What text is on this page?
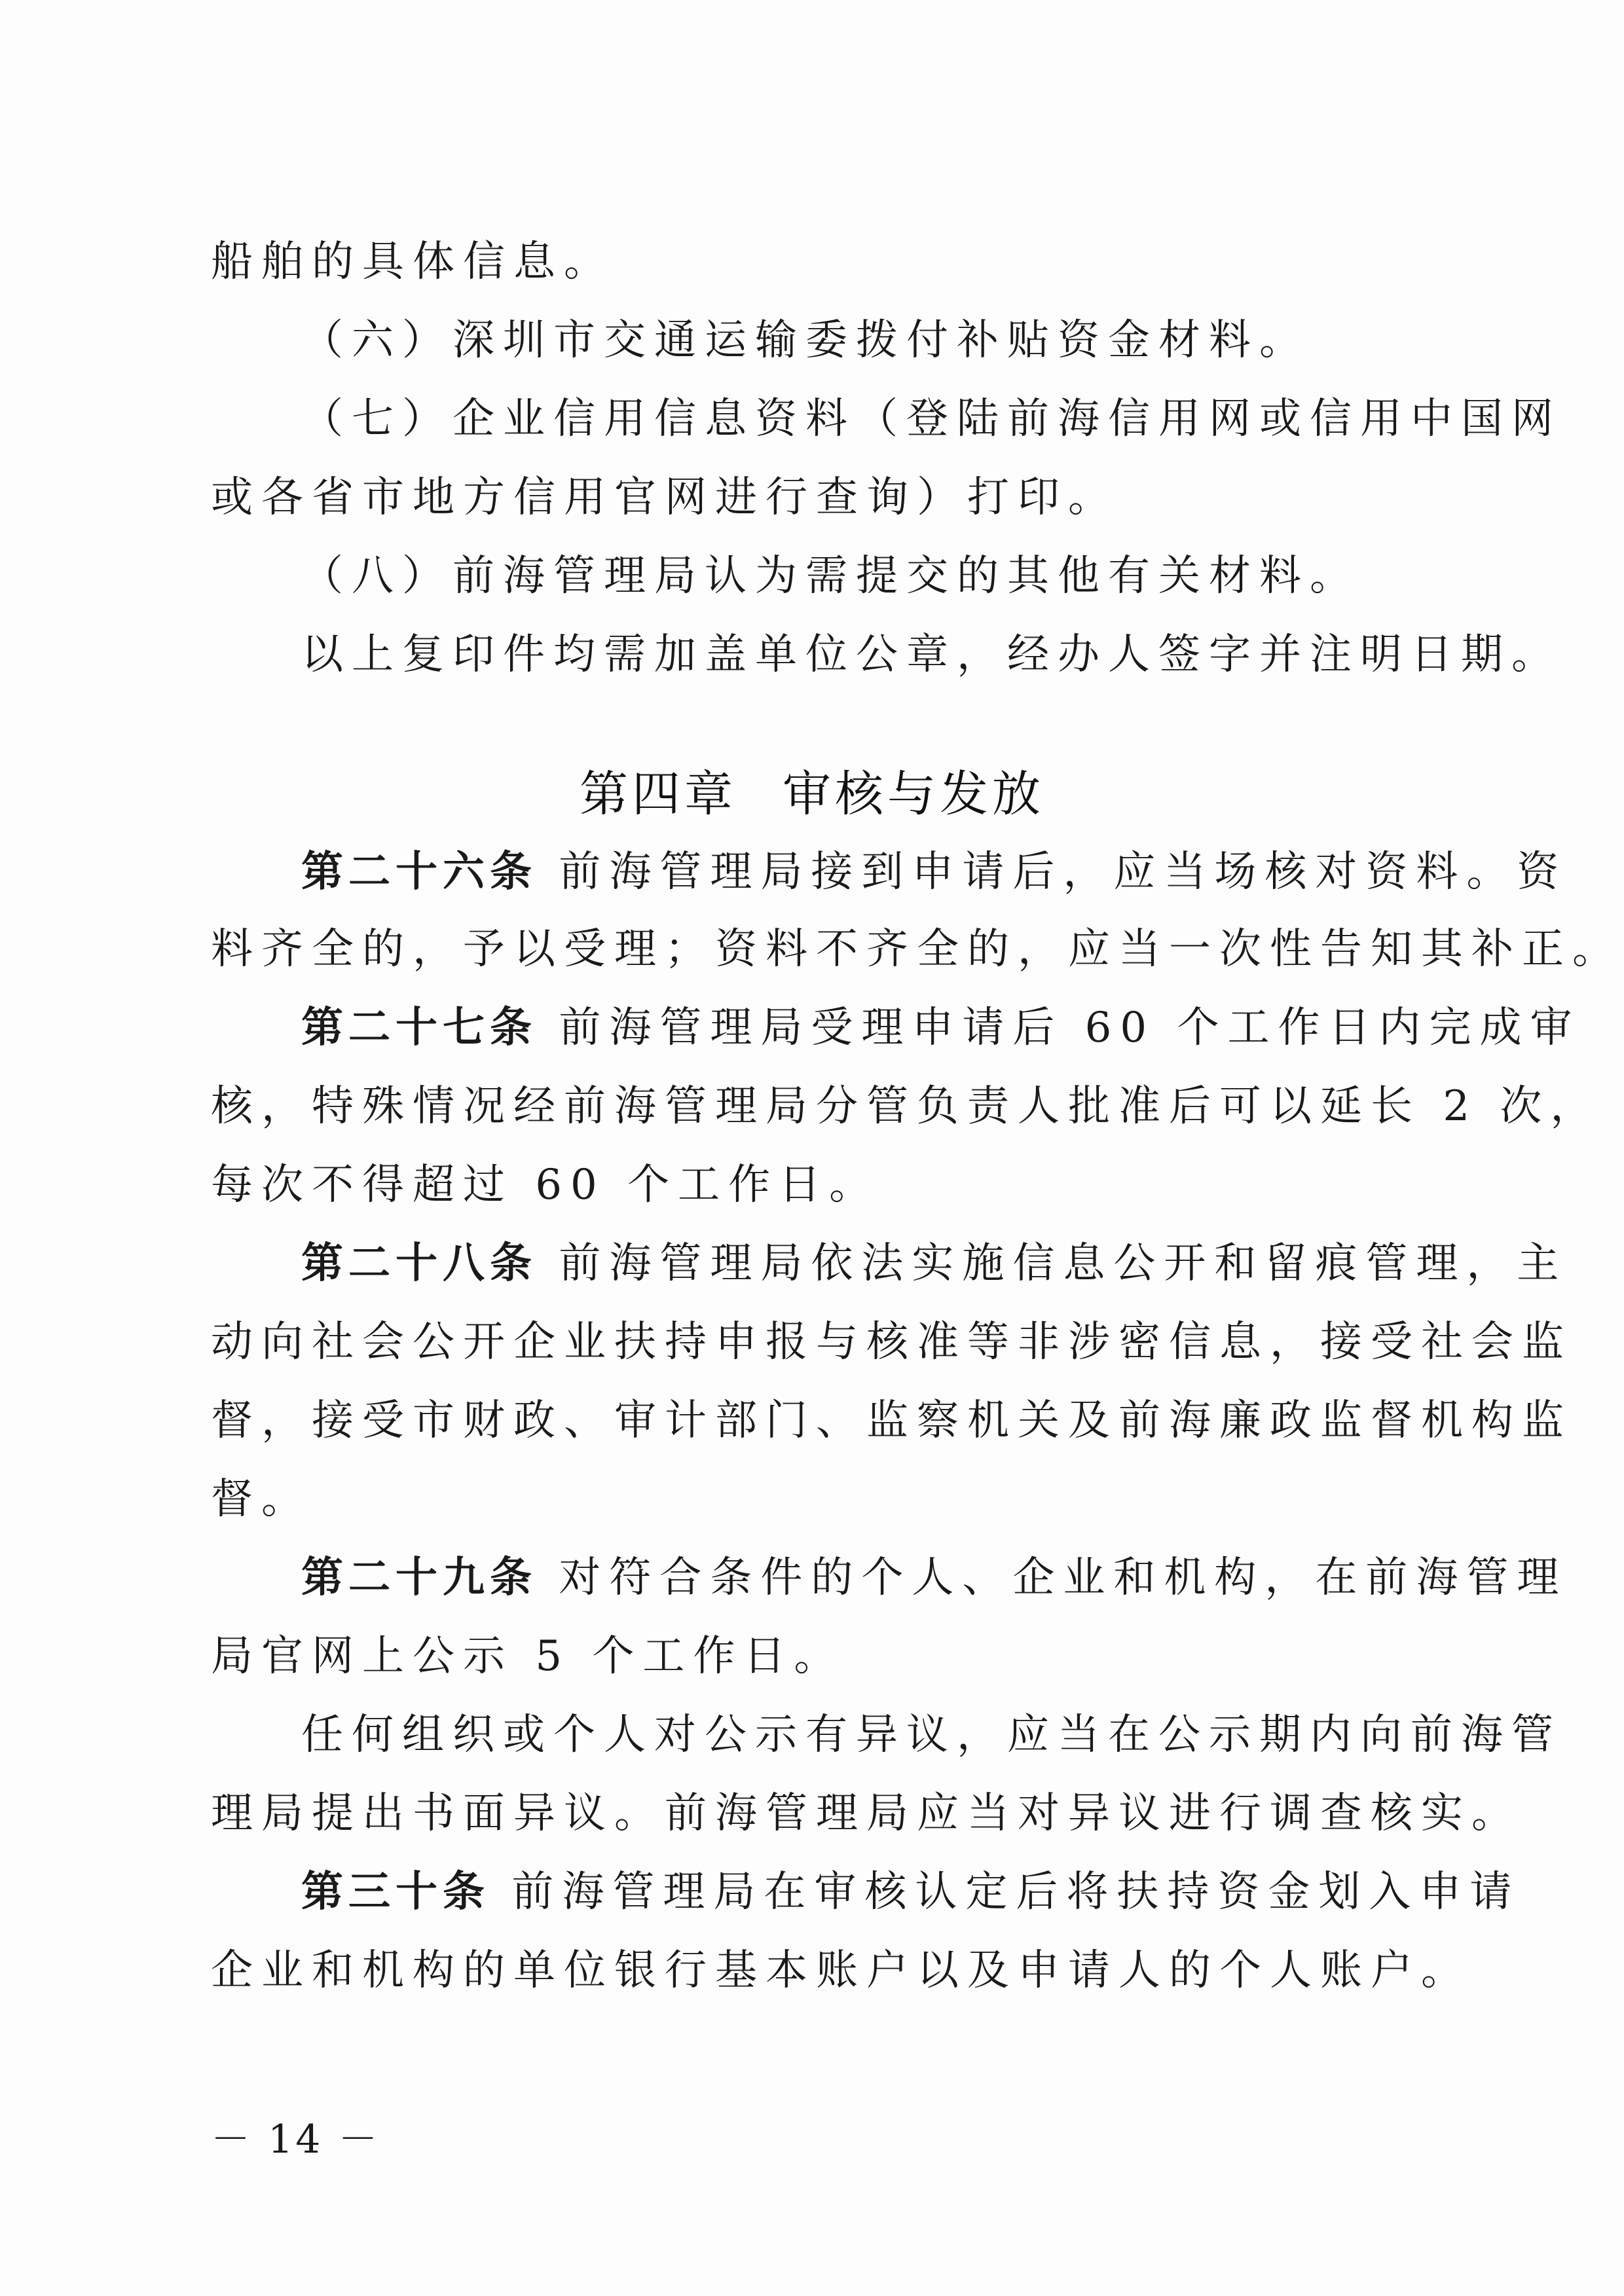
船舶的具体信息。
（六）深圳市交通运输委拨付补贴资金材料。
（七）企业信用信息资料（登陆前海信用网或信用中国网
或各省市地方信用官网进行查询）打印。
（八）前海管理局认为需提交的其他有关材料。
以上复印件均需加盖单位公章，经办人签字并注明日期。
第四章 审核与发放
第二十六条 前海管理局接到申请后，应当场核对资料。资
料齐全的，予以受理；资料不齐全的，应当一次性告知其补正。
第二十七条 前海管理局受理申请后 60 个工作日内完成审
核，特殊情况经前海管理局分管负责人批准后可以延长 2 次，
每次不得超过 60 个工作日。
第二十八条 前海管理局依法实施信息公开和留痕管理，主
动向社会公开企业扶持申报与核准等非涉密信息，接受社会监
督，接受市财政、审计部门、监察机关及前海廉政监督机构监
督。
第二十九条 对符合条件的个人、企业和机构，在前海管理
局官网上公示 5 个工作日。
任何组织或个人对公示有异议，应当在公示期内向前海管
理局提出书面异议。前海管理局应当对异议进行调查核实。
第三十条 前海管理局在审核认定后将扶持资金划入申请
企业和机构的单位银行基本账户以及申请人的个人账户。
－ 14 －
